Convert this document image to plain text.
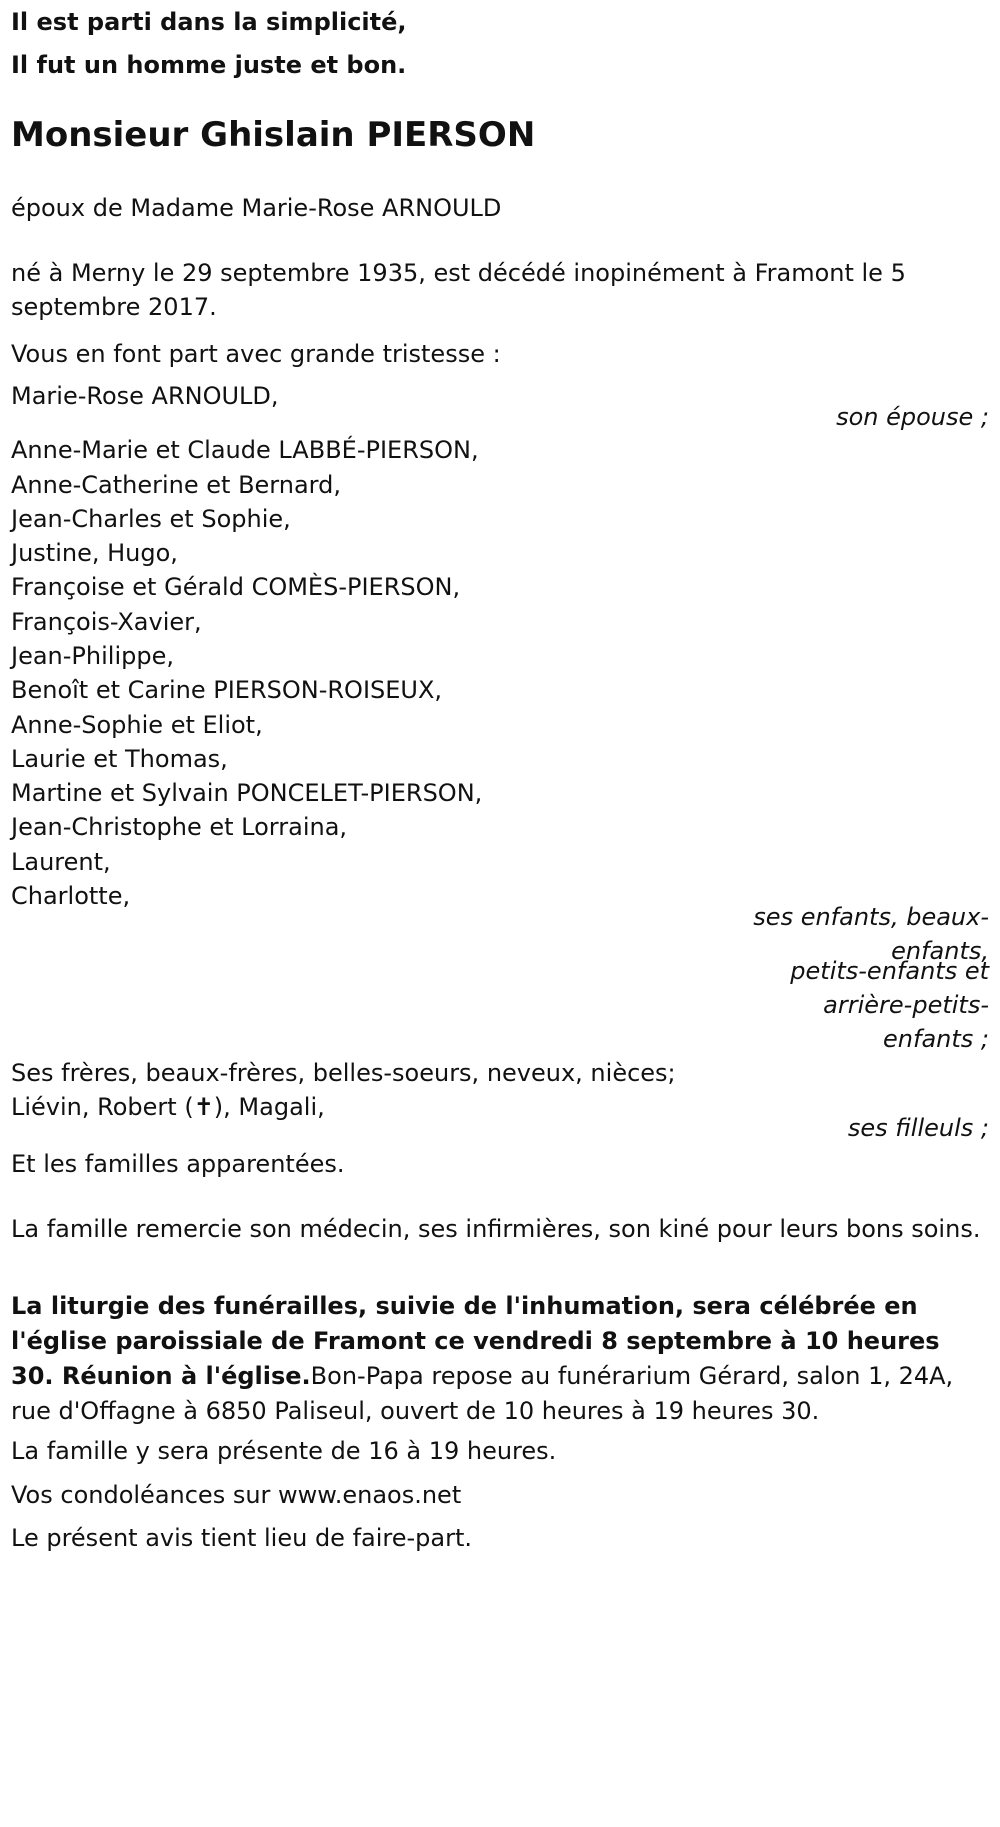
Il est parti dans la simplicité,

Il fut un homme juste et bon.

Monsieur Ghislain PIERSON

époux de Madame Marie-Rose ARNOULD

né à Merny le 29 septembre 1935, est décédé inopinément à Framont le 5 septembre 2017.

Vous en font part avec grande tristesse :

Marie-Rose ARNOULD,

son épouse ;

Anne-Marie et Claude LABBÉ-PIERSON,

Anne-Catherine et Bernard,

Jean-Charles et Sophie,

Justine, Hugo,

Françoise et Gérald COMÈS-PIERSON,

François-Xavier,

Jean-Philippe,

Benoît et Carine PIERSON-ROISEUX,

Anne-Sophie et Eliot,

Laurie et Thomas,

Martine et Sylvain PONCELET-PIERSON,

Jean-Christophe et Lorraina,

Laurent,

Charlotte,

ses enfants, beaux-
enfants,
petits-enfants et
arrière-petits-
enfants ;

Ses frères, beaux-frères, belles-soeurs, neveux, nièces;

Liévin, Robert (✝), Magali,

ses filleuls ;

Et les familles apparentées.

La famille remercie son médecin, ses infirmières, son kiné pour leurs bons soins.

La liturgie des funérailles, suivie de l'inhumation, sera célébrée en l'église paroissiale de Framont ce vendredi 8 septembre à 10 heures 30. Réunion à l'église.Bon-Papa repose au funérarium Gérard, salon 1, 24A, rue d'Offagne à 6850 Paliseul, ouvert de 10 heures à 19 heures 30.

La famille y sera présente de 16 à 19 heures.

Vos condoléances sur www.enaos.net

Le présent avis tient lieu de faire-part.
